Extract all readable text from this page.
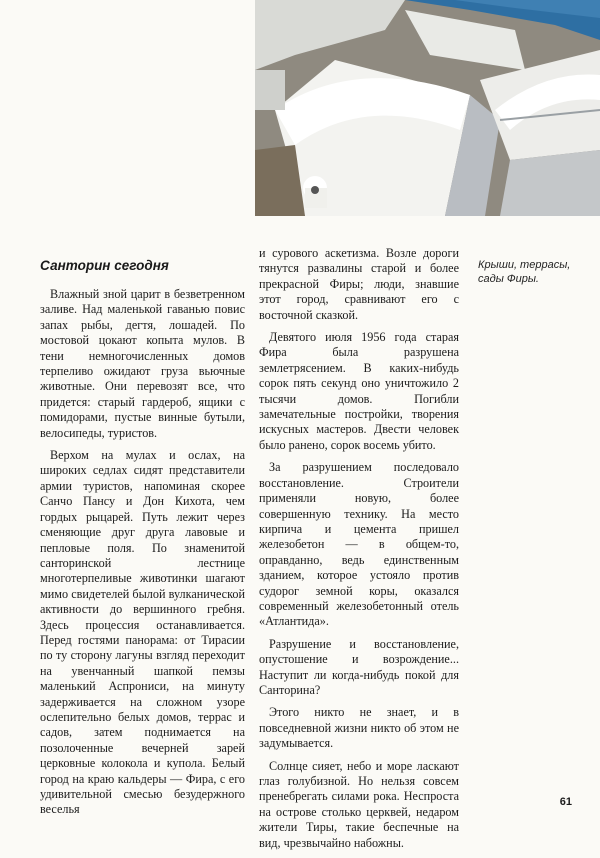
Санторин сегодня

Влажный зной царит в безветренном заливе. Над маленькой гаванью повис запах рыбы, дегтя, лошадей. По мостовой цокают копыта мулов. В тени немногочисленных домов терпеливо ожидают груза вьючные животные. Они перевозят все, что придется: старый гардероб, ящики с помидорами, пустые винные бутыли, велосипеды, туристов.

Верхом на мулах и ослах, на широких седлах сидят представители армии туристов, напоминая скорее Санчо Пансу и Дон Кихота, чем гордых рыцарей. Путь лежит через сменяющие друг друга лавовые и пепловые поля. По знаменитой санторинской лестнице многотерпеливые животинки шагают мимо свидетелей былой вулканической активности до вершинного гребня. Здесь процессия останавливается. Перед гостями панорама: от Тирасии по ту сторону лагуны взгляд переходит на увенчанный шапкой пемзы маленький Аспрониси, на минуту задерживается на сложном узоре ослепительно белых домов, террас и садов, затем поднимается на позолоченные вечерней зарей церковные колокола и купола. Белый город на краю кальдеры — Фира, с его удивительной смесью безудержного веселья

и сурового аскетизма. Возле дороги тянутся развалины старой и более прекрасной Фиры; люди, знавшие этот город, сравнивают его с восточной сказкой.

Девятого июля 1956 года старая Фира была разрушена землетрясением. В каких-нибудь сорок пять секунд оно уничтожило 2 тысячи домов. Погибли замечательные постройки, творения искусных мастеров. Двести человек было ранено, сорок восемь убито.

За разрушением последовало восстановление. Строители применяли новую, более совершенную технику. На место кирпича и цемента пришел железобетон — в общем-то, оправданно, ведь единственным зданием, которое устояло против судорог земной коры, оказался современный железобетонный отель «Атлантида».

Разрушение и восстановление, опустошение и возрождение... Наступит ли когда-нибудь покой для Санторина?

Этого никто не знает, и в повседневной жизни никто об этом не задумывается.

Солнце сияет, небо и море ласкают глаз голубизной. Но нельзя совсем пренебрегать силами рока. Неспроста на острове столько церквей, недаром жители Тиры, такие беспечные на вид, чрезвычайно набожны.

Крыши, террасы, сады Фиры.
61
